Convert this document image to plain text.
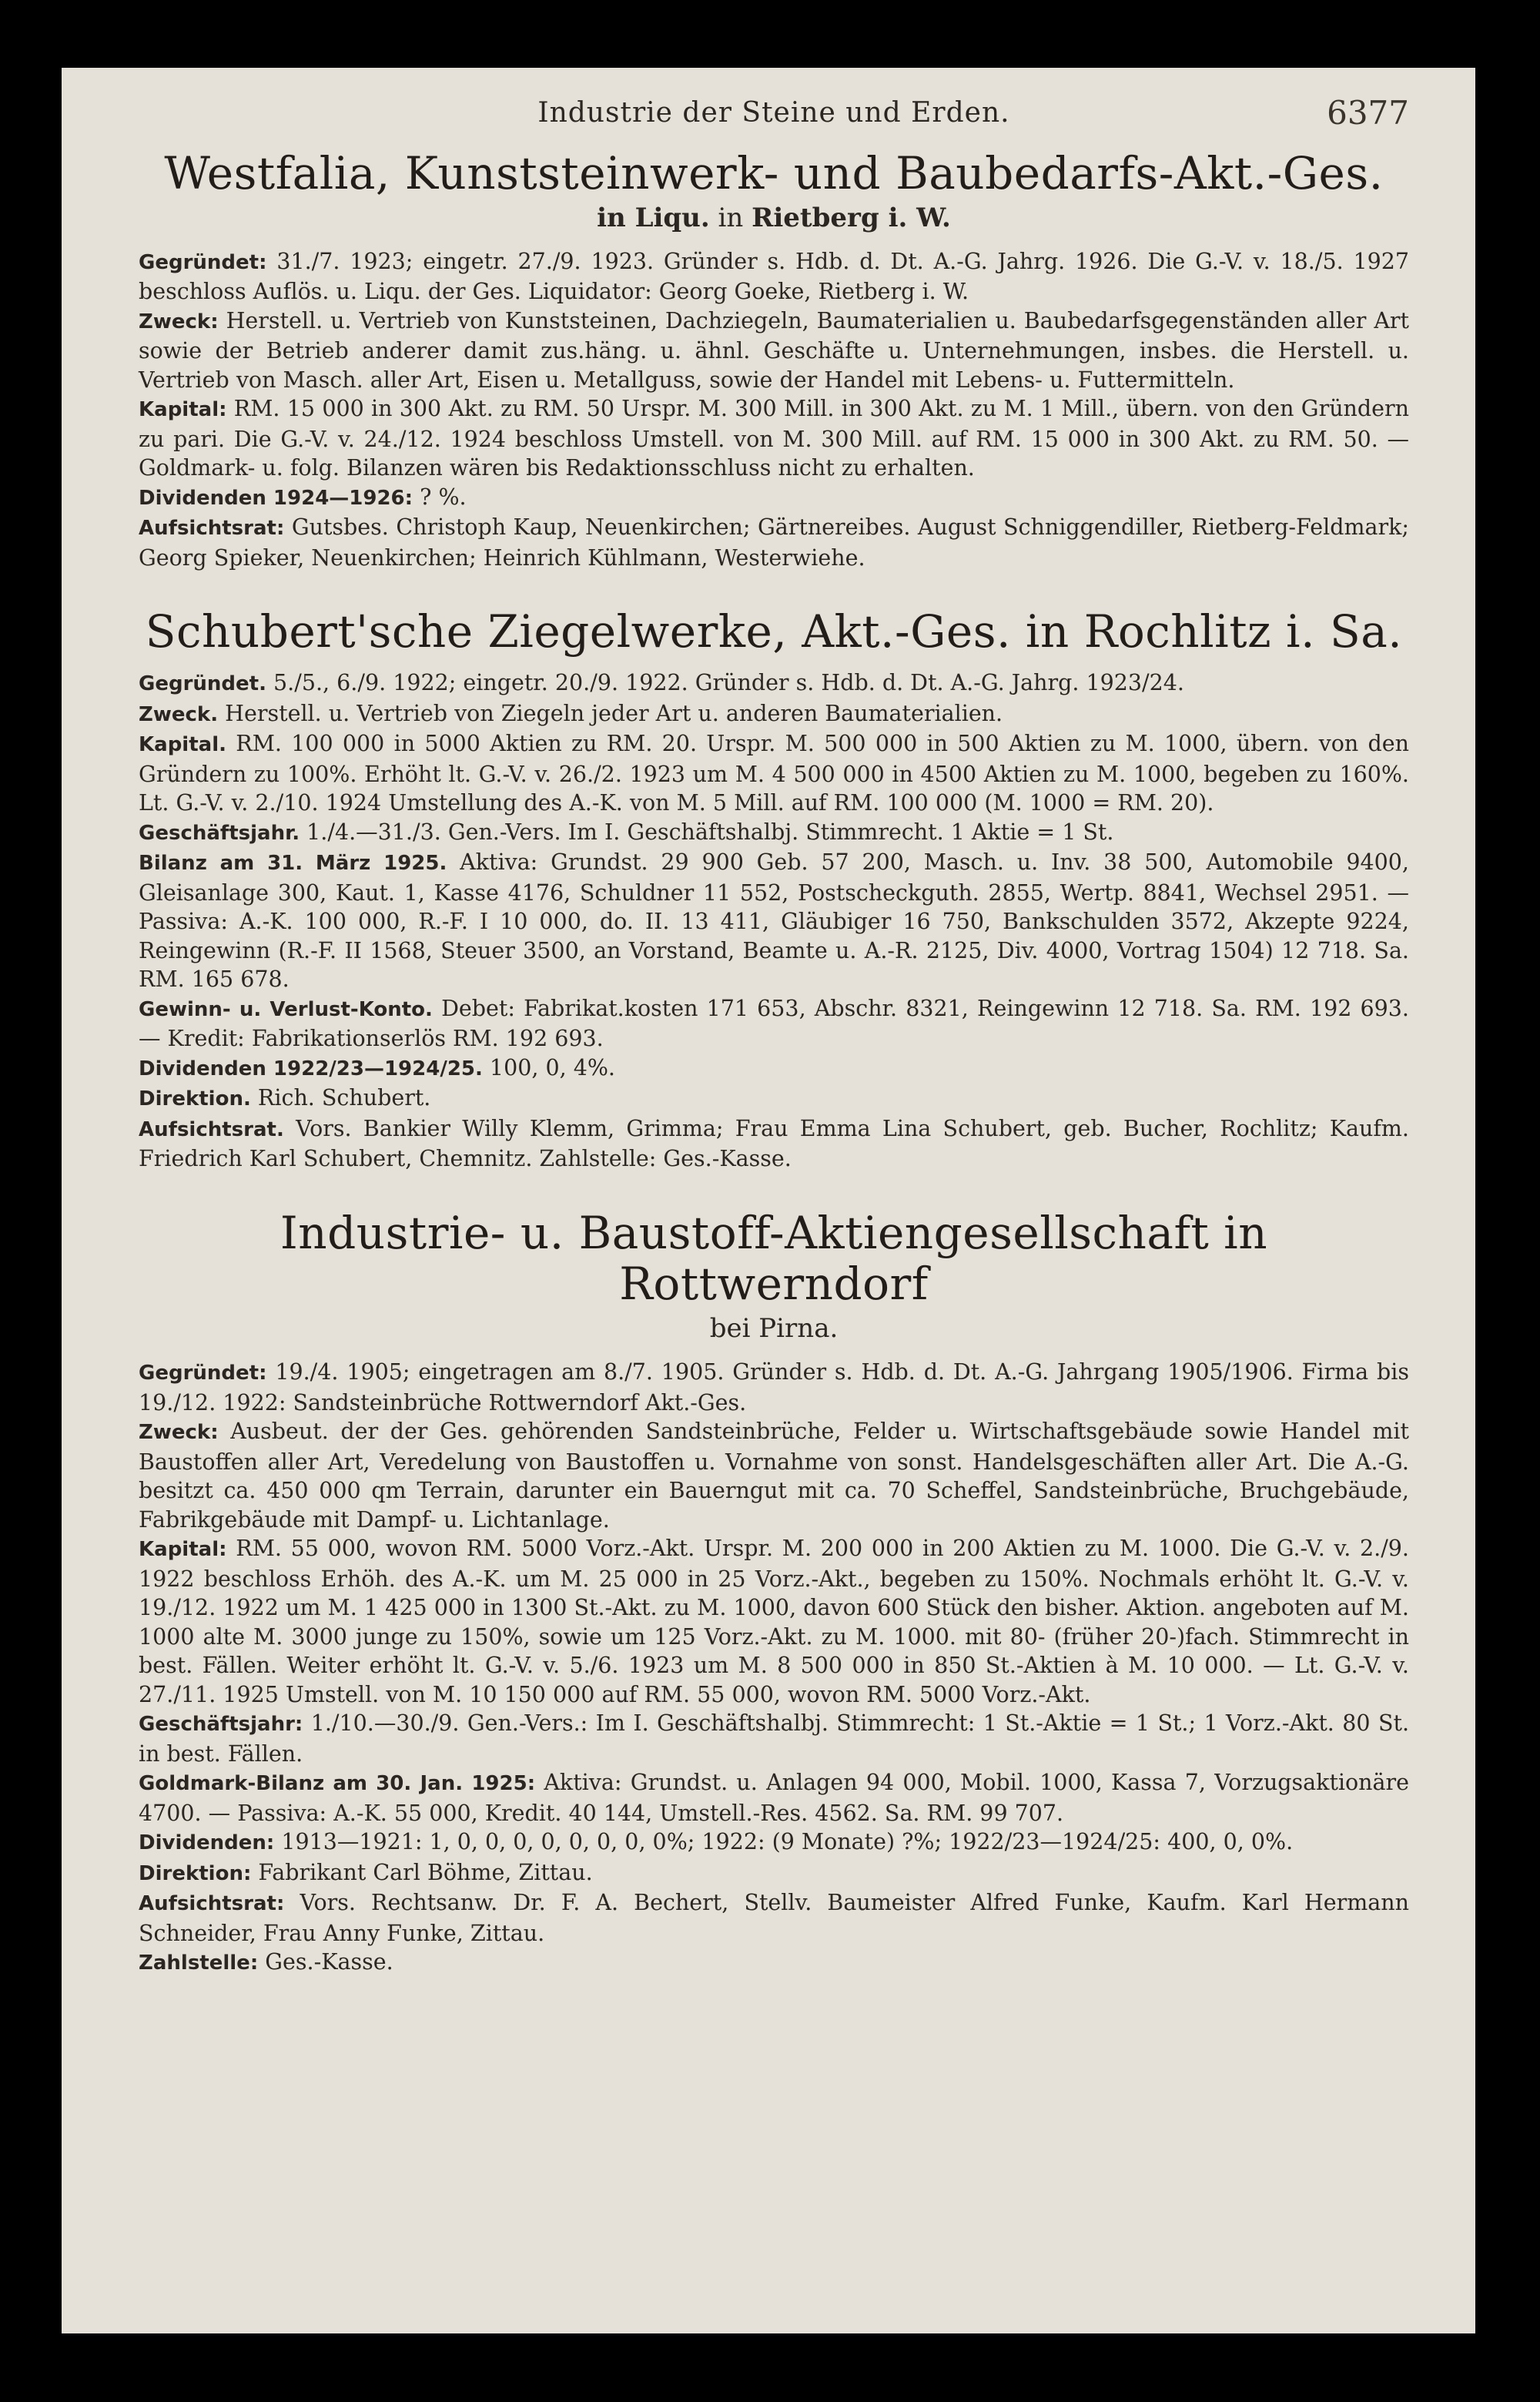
Industrie der Steine und Erden.	6377
Westfalia, Kunststeinwerk- und Baubedarfs-Akt.-Ges.
in Liqu. in Rietberg i. W.

Gegründet: 31./7. 1923; eingetr. 27./9. 1923. Gründer s. Hdb. d. Dt. A.-G. Jahrg. 1926. Die G.-V. v. 18./5. 1927 beschloss Auflös. u. Liqu. der Ges. Liquidator: Georg Goeke, Rietberg i. W.

Zweck: Herstell. u. Vertrieb von Kunststeinen, Dachziegeln, Baumaterialien u. Baubedarfsgegenständen aller Art sowie der Betrieb anderer damit zus.häng. u. ähnl. Geschäfte u. Unternehmungen, insbes. die Herstell. u. Vertrieb von Masch. aller Art, Eisen u. Metallguss, sowie der Handel mit Lebens- u. Futtermitteln.

Kapital: RM. 15 000 in 300 Akt. zu RM. 50 Urspr. M. 300 Mill. in 300 Akt. zu M. 1 Mill., übern. von den Gründern zu pari. Die G.-V. v. 24./12. 1924 beschloss Umstell. von M. 300 Mill. auf RM. 15 000 in 300 Akt. zu RM. 50. — Goldmark- u. folg. Bilanzen wären bis Redaktionsschluss nicht zu erhalten.

Dividenden 1924—1926: ? %.

Aufsichtsrat: Gutsbes. Christoph Kaup, Neuenkirchen; Gärtnereibes. August Schniggendiller, Rietberg-Feldmark; Georg Spieker, Neuenkirchen; Heinrich Kühlmann, Westerwiehe.

Schubert'sche Ziegelwerke, Akt.-Ges. in Rochlitz i. Sa.

Gegründet. 5./5., 6./9. 1922; eingetr. 20./9. 1922. Gründer s. Hdb. d. Dt. A.-G. Jahrg. 1923/24.

Zweck. Herstell. u. Vertrieb von Ziegeln jeder Art u. anderen Baumaterialien.

Kapital. RM. 100 000 in 5000 Aktien zu RM. 20. Urspr. M. 500 000 in 500 Aktien zu M. 1000, übern. von den Gründern zu 100%. Erhöht lt. G.-V. v. 26./2. 1923 um M. 4 500 000 in 4500 Aktien zu M. 1000, begeben zu 160%. Lt. G.-V. v. 2./10. 1924 Umstellung des A.-K. von M. 5 Mill. auf RM. 100 000 (M. 1000 = RM. 20).

Geschäftsjahr. 1./4.—31./3. Gen.-Vers. Im I. Geschäftshalbj. Stimmrecht. 1 Aktie = 1 St.

Bilanz am 31. März 1925. Aktiva: Grundst. 29 900 Geb. 57 200, Masch. u. Inv. 38 500, Automobile 9400, Gleisanlage 300, Kaut. 1, Kasse 4176, Schuldner 11 552, Postscheckguth. 2855, Wertp. 8841, Wechsel 2951. — Passiva: A.-K. 100 000, R.-F. I 10 000, do. II. 13 411, Gläubiger 16 750, Bankschulden 3572, Akzepte 9224, Reingewinn (R.-F. II 1568, Steuer 3500, an Vorstand, Beamte u. A.-R. 2125, Div. 4000, Vortrag 1504) 12 718. Sa. RM. 165 678.

Gewinn- u. Verlust-Konto. Debet: Fabrikat.kosten 171 653, Abschr. 8321, Reingewinn 12 718. Sa. RM. 192 693. — Kredit: Fabrikationserlös RM. 192 693.

Dividenden 1922/23—1924/25. 100, 0, 4%.

Direktion. Rich. Schubert.

Aufsichtsrat. Vors. Bankier Willy Klemm, Grimma; Frau Emma Lina Schubert, geb. Bucher, Rochlitz; Kaufm. Friedrich Karl Schubert, Chemnitz. Zahlstelle: Ges.-Kasse.

Industrie- u. Baustoff-Aktiengesellschaft in Rottwerndorf
bei Pirna.

Gegründet: 19./4. 1905; eingetragen am 8./7. 1905. Gründer s. Hdb. d. Dt. A.-G. Jahrgang 1905/1906. Firma bis 19./12. 1922: Sandsteinbrüche Rottwerndorf Akt.-Ges.

Zweck: Ausbeut. der der Ges. gehörenden Sandsteinbrüche, Felder u. Wirtschaftsgebäude sowie Handel mit Baustoffen aller Art, Veredelung von Baustoffen u. Vornahme von sonst. Handelsgeschäften aller Art. Die A.-G. besitzt ca. 450 000 qm Terrain, darunter ein Bauerngut mit ca. 70 Scheffel, Sandsteinbrüche, Bruchgebäude, Fabrikgebäude mit Dampf- u. Lichtanlage.

Kapital: RM. 55 000, wovon RM. 5000 Vorz.-Akt. Urspr. M. 200 000 in 200 Aktien zu M. 1000. Die G.-V. v. 2./9. 1922 beschloss Erhöh. des A.-K. um M. 25 000 in 25 Vorz.-Akt., begeben zu 150%. Nochmals erhöht lt. G.-V. v. 19./12. 1922 um M. 1 425 000 in 1300 St.-Akt. zu M. 1000, davon 600 Stück den bisher. Aktion. angeboten auf M. 1000 alte M. 3000 junge zu 150%, sowie um 125 Vorz.-Akt. zu M. 1000. mit 80- (früher 20-)fach. Stimmrecht in best. Fällen. Weiter erhöht lt. G.-V. v. 5./6. 1923 um M. 8 500 000 in 850 St.-Aktien à M. 10 000. — Lt. G.-V. v. 27./11. 1925 Umstell. von M. 10 150 000 auf RM. 55 000, wovon RM. 5000 Vorz.-Akt.

Geschäftsjahr: 1./10.—30./9. Gen.-Vers.: Im I. Geschäftshalbj. Stimmrecht: 1 St.-Aktie = 1 St.; 1 Vorz.-Akt. 80 St. in best. Fällen.

Goldmark-Bilanz am 30. Jan. 1925: Aktiva: Grundst. u. Anlagen 94 000, Mobil. 1000, Kassa 7, Vorzugsaktionäre 4700. — Passiva: A.-K. 55 000, Kredit. 40 144, Umstell.-Res. 4562. Sa. RM. 99 707.

Dividenden: 1913—1921: 1, 0, 0, 0, 0, 0, 0, 0, 0%; 1922: (9 Monate) ?%; 1922/23—1924/25: 400, 0, 0%.

Direktion: Fabrikant Carl Böhme, Zittau.

Aufsichtsrat: Vors. Rechtsanw. Dr. F. A. Bechert, Stellv. Baumeister Alfred Funke, Kaufm. Karl Hermann Schneider, Frau Anny Funke, Zittau.

Zahlstelle: Ges.-Kasse.
